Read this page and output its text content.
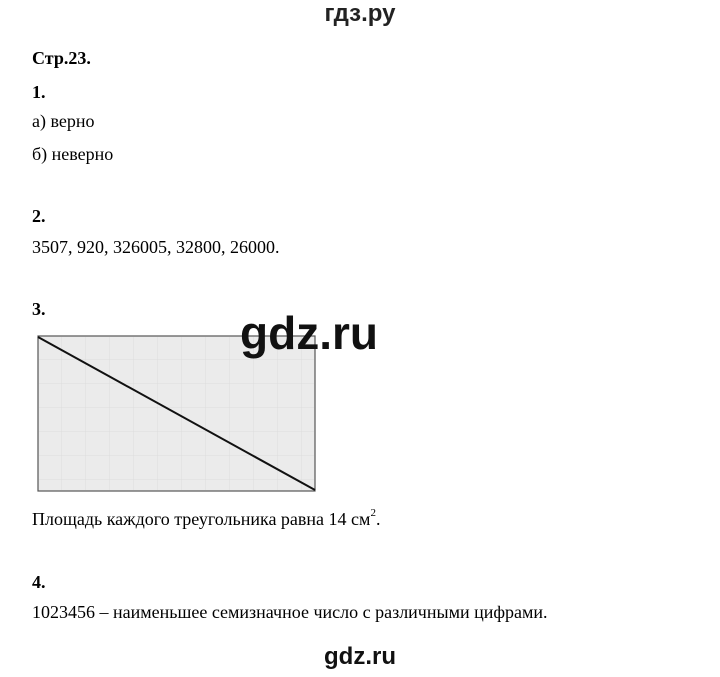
гдз.ру
Стр.23.
1.
а) верно
б) неверно
2.
3507, 920, 326005, 32800, 26000.
3.
Площадь каждого треугольника равна 14 $см^2$.
4.
1023456 – наименьшее семизначное число с различными цифрами.
gdz.ru
gdz.ru
